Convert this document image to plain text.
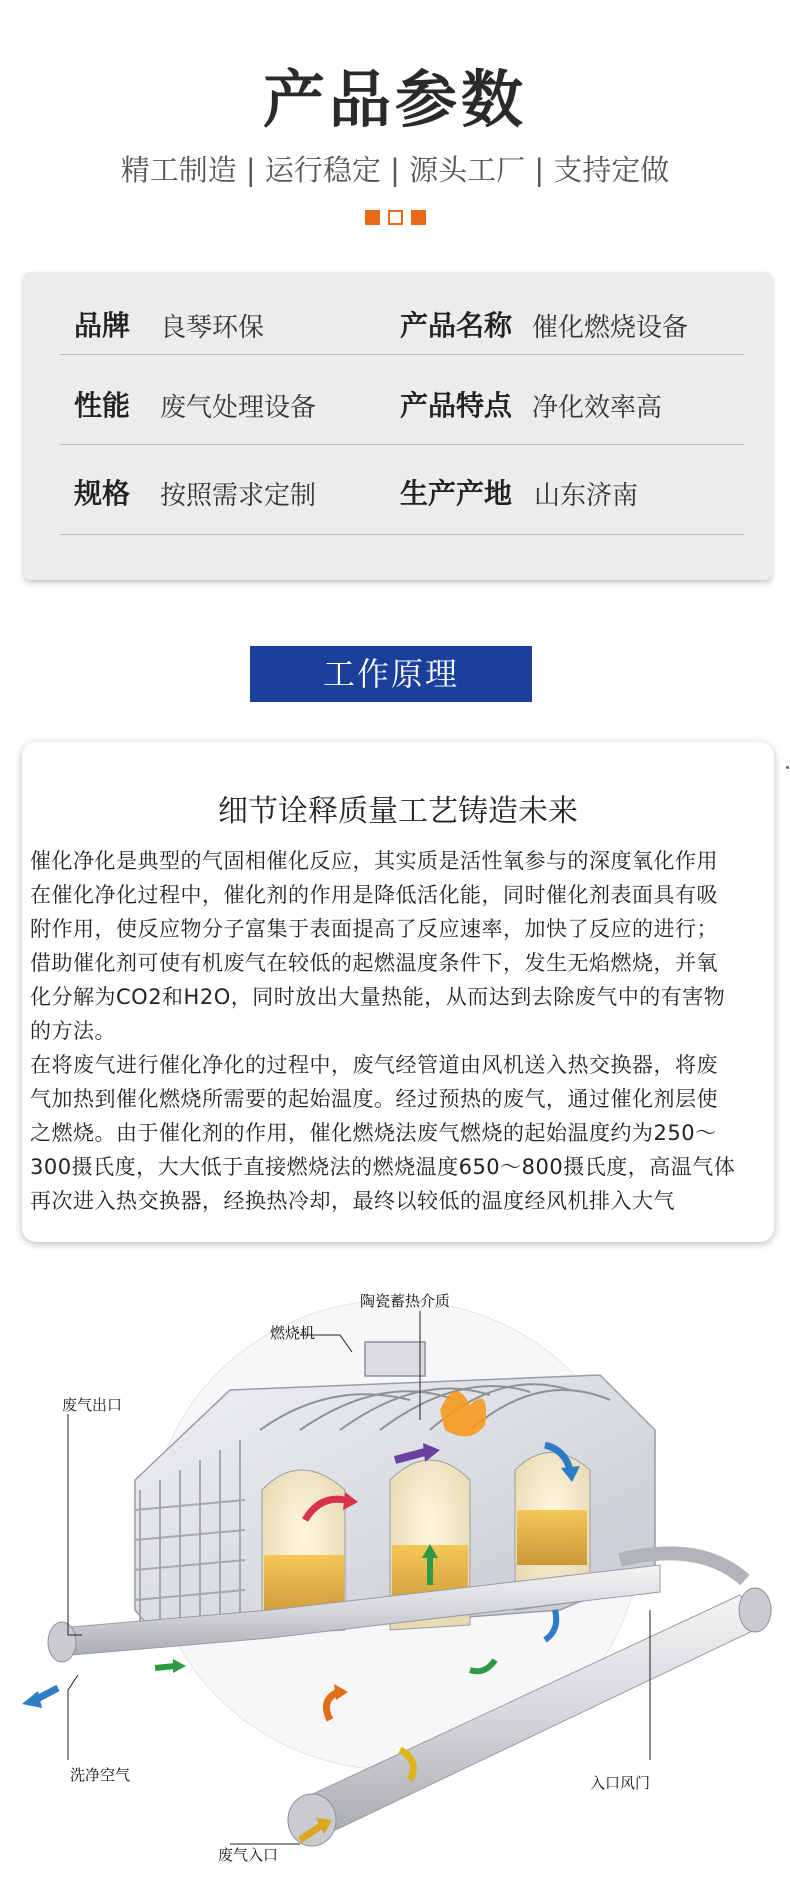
产品参数
精工制造 | 运行稳定 | 源头工厂 | 支持定做
品牌 良琴环保	产品名称 催化燃烧设备
性能 废气处理设备	产品特点 净化效率高
规格 按照需求定制	生产产地 山东济南
工作原理
细节诠释质量工艺铸造未来
催化净化是典型的气固相催化反应，其实质是活性氧参与的深度氧化作用
在催化净化过程中，催化剂的作用是降低活化能，同时催化剂表面具有吸
附作用，使反应物分子富集于表面提高了反应速率，加快了反应的进行；
借助催化剂可使有机废气在较低的起燃温度条件下，发生无焰燃烧，并氧
化分解为CO2和H2O，同时放出大量热能，从而达到去除废气中的有害物
的方法。
在将废气进行催化净化的过程中，废气经管道由风机送入热交换器，将废
气加热到催化燃烧所需要的起始温度。经过预热的废气，通过催化剂层使
之燃烧。由于催化剂的作用，催化燃烧法废气燃烧的起始温度约为250～
300摄氏度，大大低于直接燃烧法的燃烧温度650～800摄氏度，高温气体
再次进入热交换器，经换热冷却，最终以较低的温度经风机排入大气
陶瓷蓄热介质
燃烧机
废气出口
洗净空气	入口风门
废气入口
